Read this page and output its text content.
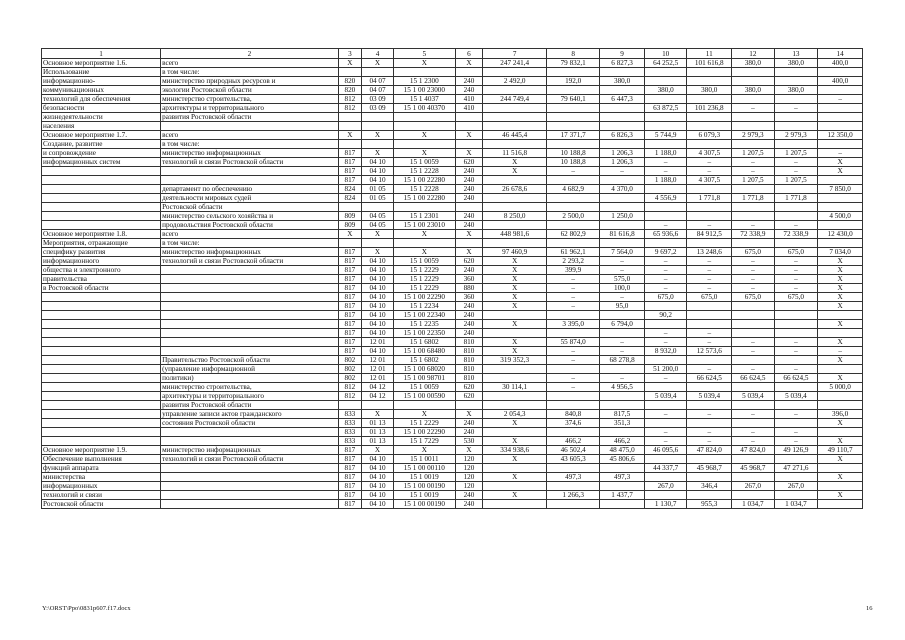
1	2	3	4	5	6	7	8	9	10	11	12	13	14
Основное мероприятие 1.6.	всего	X	X	X	X	247 241,4	79 832,1	6 827,3	64 252,5	101 616,8	380,0	380,0	400,0
Использование	в том числе:												
информационно-	министерство природных ресурсов и	820	04 07	15 1 2300	240	2 492,0	192,0	380,0					400,0
коммуникационных	экологии Ростовской области	820	04 07	15 1 00 23000	240				380,0	380,0	380,0	380,0	
технологий для обеспечения	министерство строительства,	812	03 09	15 1 4037	410	244 749,4	79 640,1	6 447,3					–
безопасности	архитектуры и территориального	812	03 09	15 1 00 40370	410				63 872,5	101 236,8	–	–	
жизнедеятельности	развития Ростовской области												
населения													
Основное мероприятие 1.7.	всего	X	X	X	X	46 445,4	17 371,7	6 826,3	5 744,9	6 079,3	2 979,3	2 979,3	12 350,0
Создание, развитие	в том числе:												
и сопровождение	министерство информационных	817	X	X	X	11 516,8	10 188,8	1 206,3	1 188,0	4 307,5	1 207,5	1 207,5	–
информационных систем	технологий и связи Ростовской области	817	04 10	15 1 0059	620	X	10 188,8	1 206,3	–	–	–	–	X
		817	04 10	15 1 2228	240	X	–	–	–	–	–	–	X
		817	04 10	15 1 00 22280	240				1 188,0	4 307,5	1 207,5	1 207,5	
	департамент по обеспечению	824	01 05	15 1 2228	240	26 678,6	4 682,9	4 370,0					7 850,0
	деятельности мировых судей	824	01 05	15 1 00 22280	240				4 556,9	1 771,8	1 771,8	1 771,8	
	Ростовской области												
	министерство сельского хозяйства и	809	04 05	15 1 2301	240	8 250,0	2 500,0	1 250,0					4 500,0
	продовольствия Ростовской области	809	04 05	15 1 00 23010	240				–	–	–	–	
Основное мероприятие 1.8.	всего	X	X	X	X	448 981,6	62 802,9	81 616,8	65 936,6	84 912,5	72 338,9	72 338,9	12 430,0
Мероприятия, отражающие	в том числе:												
специфику развития	министерство информационных	817	X	X	X	97 460,9	61 962,1	7 564,0	9 697,2	13 248,6	675,0	675,0	7 034,0
информационного	технологий и связи Ростовской области	817	04 10	15 1 0059	620	X	2 293,2	–	–	–	–	–	X
общества и электронного		817	04 10	15 1 2229	240	X	399,9	–	–	–	–	–	X
правительства		817	04 10	15 1 2229	360	X	–	575,0	–	–	–	–	X
в Ростовской области		817	04 10	15 1 2229	880	X	–	100,0	–	–	–	–	X
		817	04 10	15 1 00 22290	360	X	–	–	675,0	675,0	675,0	675,0	X
		817	04 10	15 1 2234	240	X	–	95,0					X
		817	04 10	15 1 00 22340	240				90,2				
		817	04 10	15 1 2235	240	X	3 395,0	6 794,0					X
		817	04 10	15 1 00 22350	240				–	–			
		817	12 01	15 1 6802	810	X	55 874,0	–	–	–	–	–	X
		817	04 10	15 1 00 68480	810	X	–	–	8 932,0	12 573,6	–	–	–
	Правительство Ростовской области	802	12 01	15 1 6802	810	319 352,3	–	68 278,8					X
	(управление информационной	802	12 01	15 1 00 68020	810				51 200,0	–	–	–	
	политики)	802	12 01	15 1 00 98701	810		–	–	–	66 624,5	66 624,5	66 624,5	X
	министерство строительства,	812	04 12	15 1 0059	620	30 114,1	–	4 956,5					5 000,0
	архитектуры и территориального	812	04 12	15 1 00 00590	620				5 039,4	5 039,4	5 039,4	5 039,4	
	развития Ростовской области												
	управление записи актов гражданского	833	X	X	X	2 054,3	840,8	817,5	–	–	–	–	396,0
	состояния Ростовской области	833	01 13	15 1 2229	240	X	374,6	351,3					X
		833	01 13	15 1 00 22290	240				–	–	–	–	
		833	01 13	15 1 7229	530	X	466,2	466,2	–	–	–	–	X
Основное мероприятие 1.9.	министерство информационных	817	X	X	X	334 938,6	46 502,4	48 475,0	46 095,6	47 824,0	47 824,0	49 126,9	49 110,7
Обеспечение выполнения	технологий и связи Ростовской области	817	04 10	15 1 0011	120	X	43 605,3	45 806,6					X
функций аппарата		817	04 10	15 1 00 00110	120				44 337,7	45 968,7	45 968,7	47 271,6	
министерства		817	04 10	15 1 0019	120	X	497,3	497,3					X
информационных		817	04 10	15 1 00 00190	120				267,0	346,4	267,0	267,0	
технологий и связи		817	04 10	15 1 0019	240	X	1 266,3	1 437,7					X
Ростовской области		817	04 10	15 1 00 00190	240				1 130,7	955,3	1 034,7	1 034,7	
Y:\ORST\Ppo\0831p607.f17.docx	16
